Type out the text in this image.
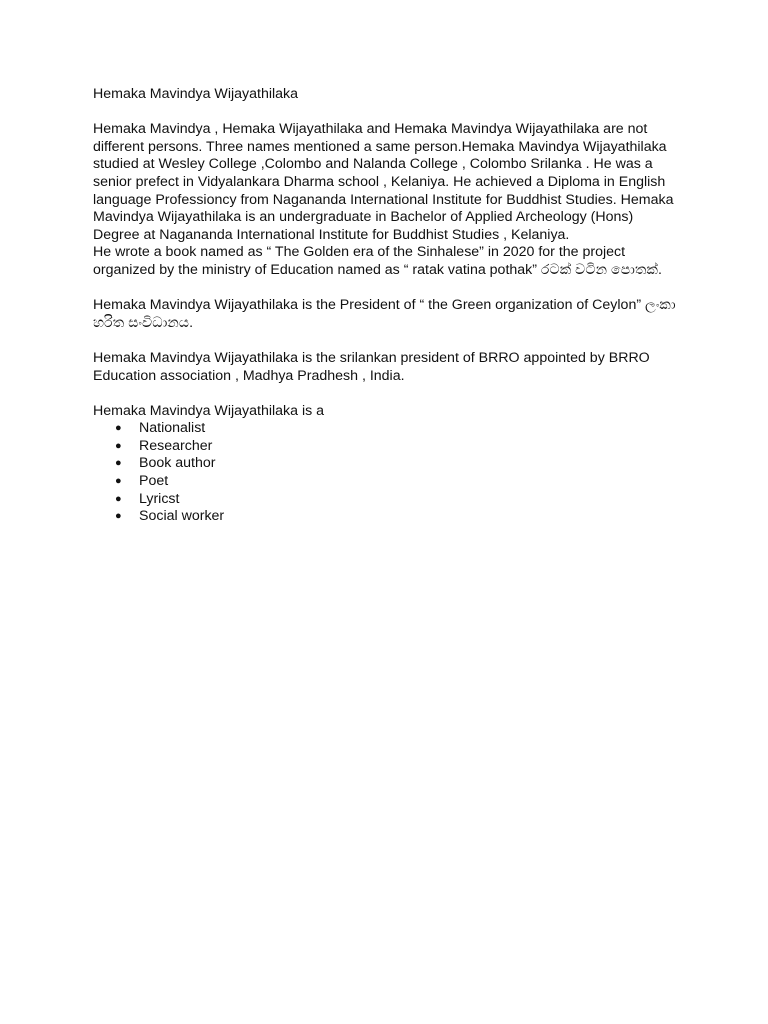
Hemaka Mavindya Wijayathilaka

Hemaka Mavindya , Hemaka Wijayathilaka and Hemaka Mavindya Wijayathilaka are not different persons. Three names mentioned a same person.Hemaka Mavindya Wijayathilaka studied at Wesley College ,Colombo and Nalanda College , Colombo Srilanka . He was a senior prefect in Vidyalankara Dharma school , Kelaniya. He achieved a Diploma in English language Professioncy from Nagananda International Institute for Buddhist Studies. Hemaka Mavindya Wijayathilaka is an undergraduate in Bachelor of Applied Archeology (Hons) Degree at Nagananda International Institute for Buddhist Studies , Kelaniya.

He wrote a book named as “ The Golden era of the Sinhalese” in 2020 for the project organized by the ministry of Education named as “ ratak vatina pothak” රටක් වටින පොතක්.

Hemaka Mavindya Wijayathilaka is the President of “ the Green organization of Ceylon” ලංකා හරිත සංවිධානය.

Hemaka Mavindya Wijayathilaka is the srilankan president of BRRO appointed by BRRO Education association , Madhya Pradhesh , India.

Hemaka Mavindya Wijayathilaka is a

● Nationalist
● Researcher
● Book author
● Poet
● Lyricst
● Social worker
